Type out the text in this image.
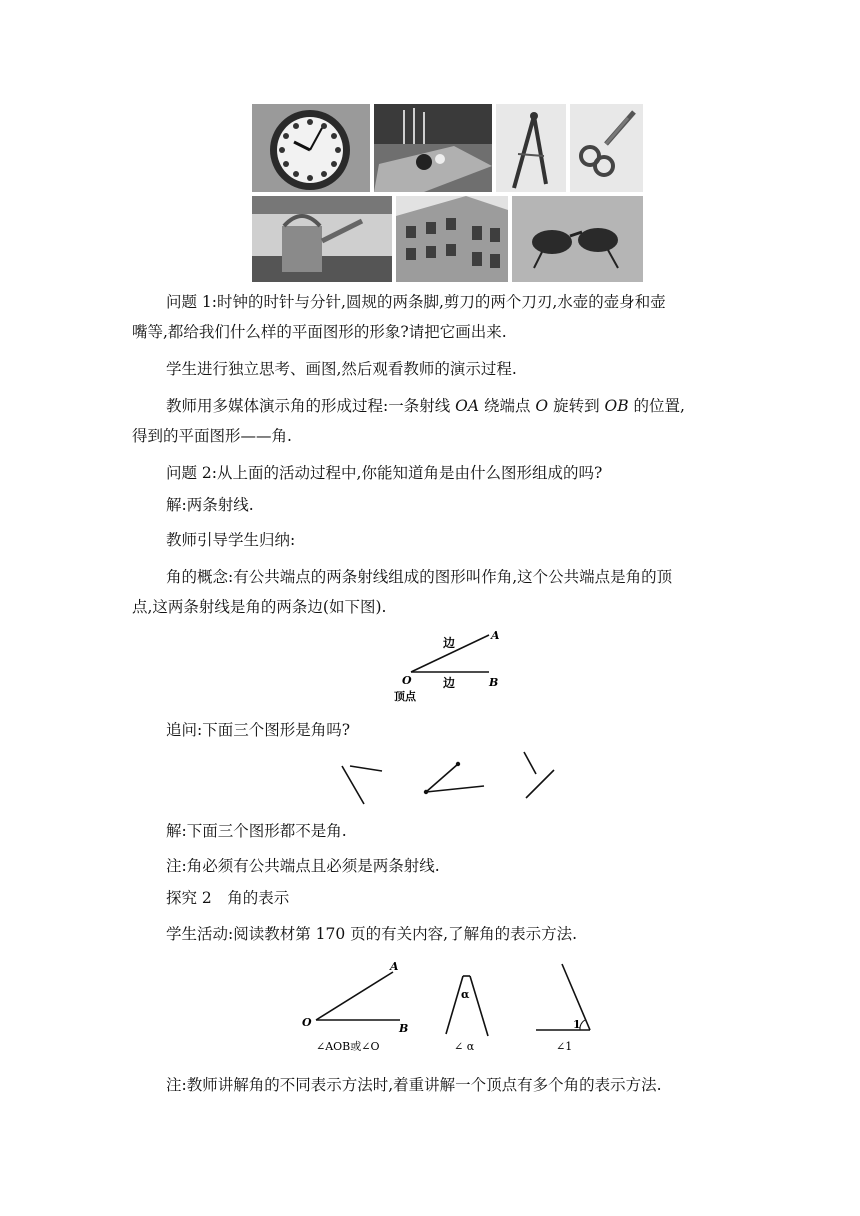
问题 1:时钟的时针与分针,圆规的两条脚,剪刀的两个刀刃,水壶的壶身和壶
嘴等,都给我们什么样的平面图形的形象?请把它画出来.
学生进行独立思考、画图,然后观看教师的演示过程.
教师用多媒体演示角的形成过程:一条射线 OA 绕端点 O 旋转到 OB 的位置,
得到的平面图形——角.
问题 2:从上面的活动过程中,你能知道角是由什么图形组成的吗?
解:两条射线.
教师引导学生归纳:
角的概念:有公共端点的两条射线组成的图形叫作角,这个公共端点是角的顶
点,这两条射线是角的两条边(如下图).
A
B
O
边
边
顶点
追问:下面三个图形是角吗?
解:下面三个图形都不是角.
注:角必须有公共端点且必须是两条射线.
探究 2　角的表示
学生活动:阅读教材第 170 页的有关内容,了解角的表示方法.
A
B
O
∠AOB或∠O
α
∠ α
1
∠1
注:教师讲解角的不同表示方法时,着重讲解一个顶点有多个角的表示方法.
